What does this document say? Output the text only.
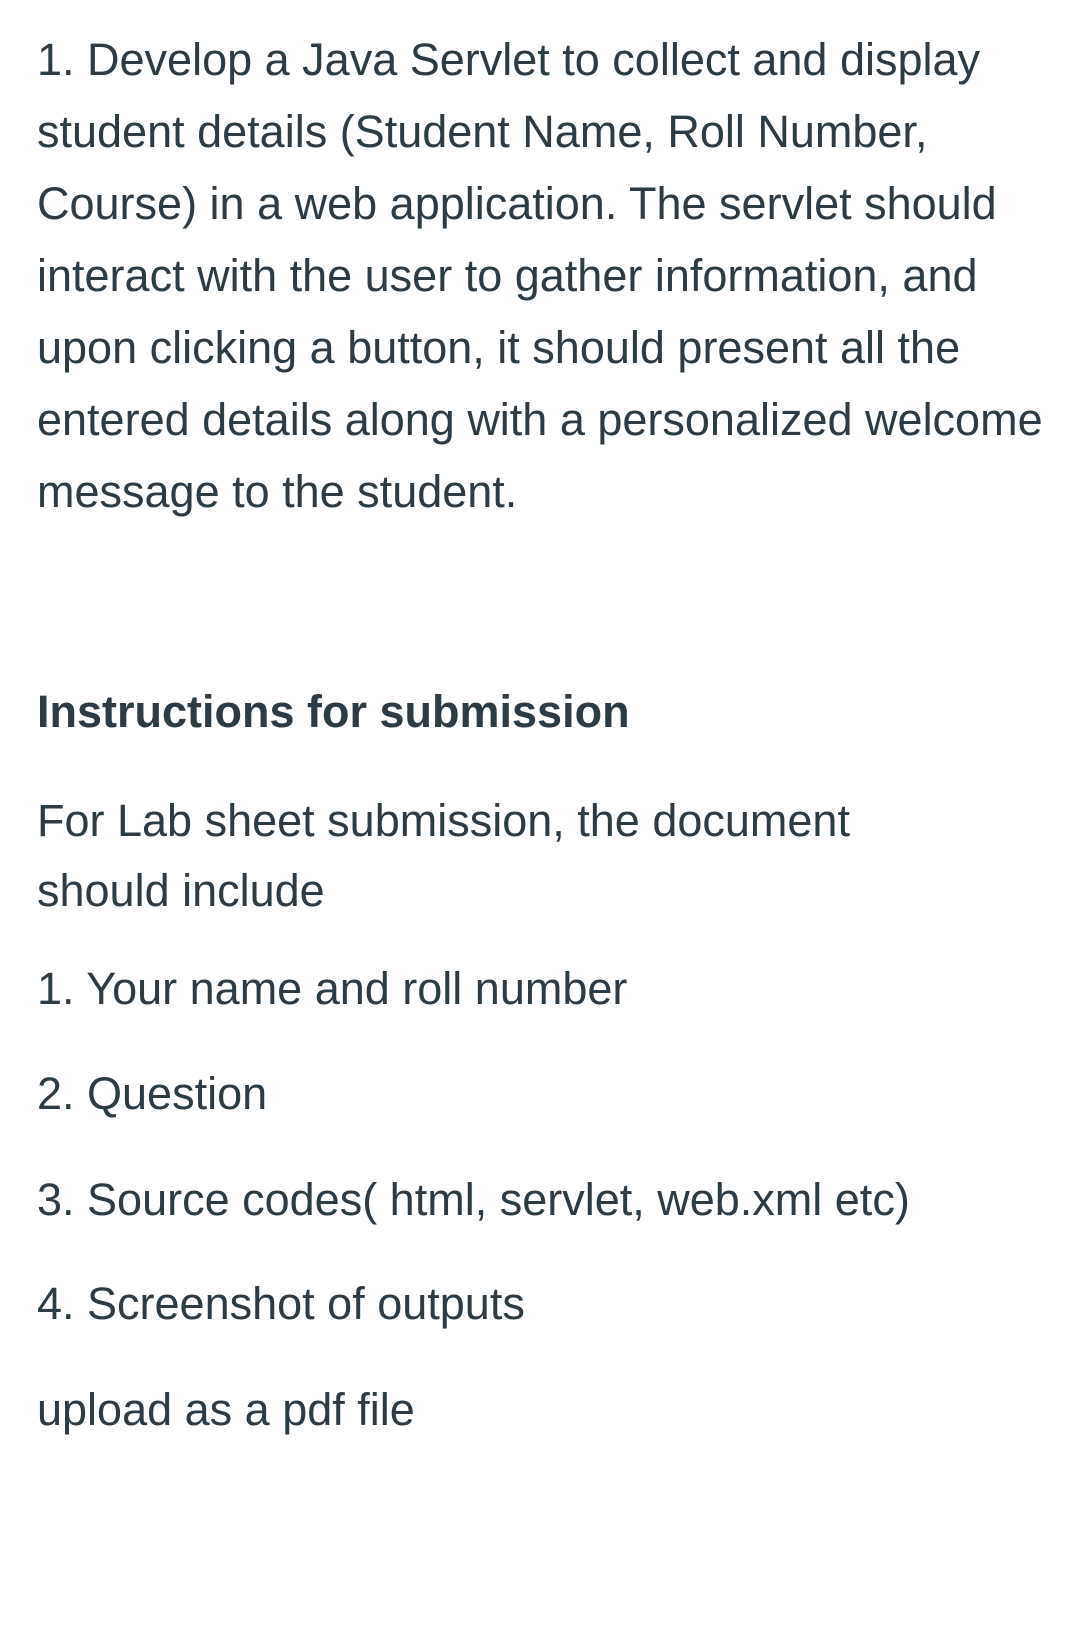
1. Develop a Java Servlet to collect and display student details (Student Name, Roll Number, Course) in a web application. The servlet should interact with the user to gather information, and upon clicking a button, it should present all the entered details along with a personalized welcome message to the student.

Instructions for submission

For Lab sheet submission, the document should include

1. Your name and roll number

2. Question

3. Source codes( html, servlet, web.xml etc)

4. Screenshot of outputs

upload as a pdf file
